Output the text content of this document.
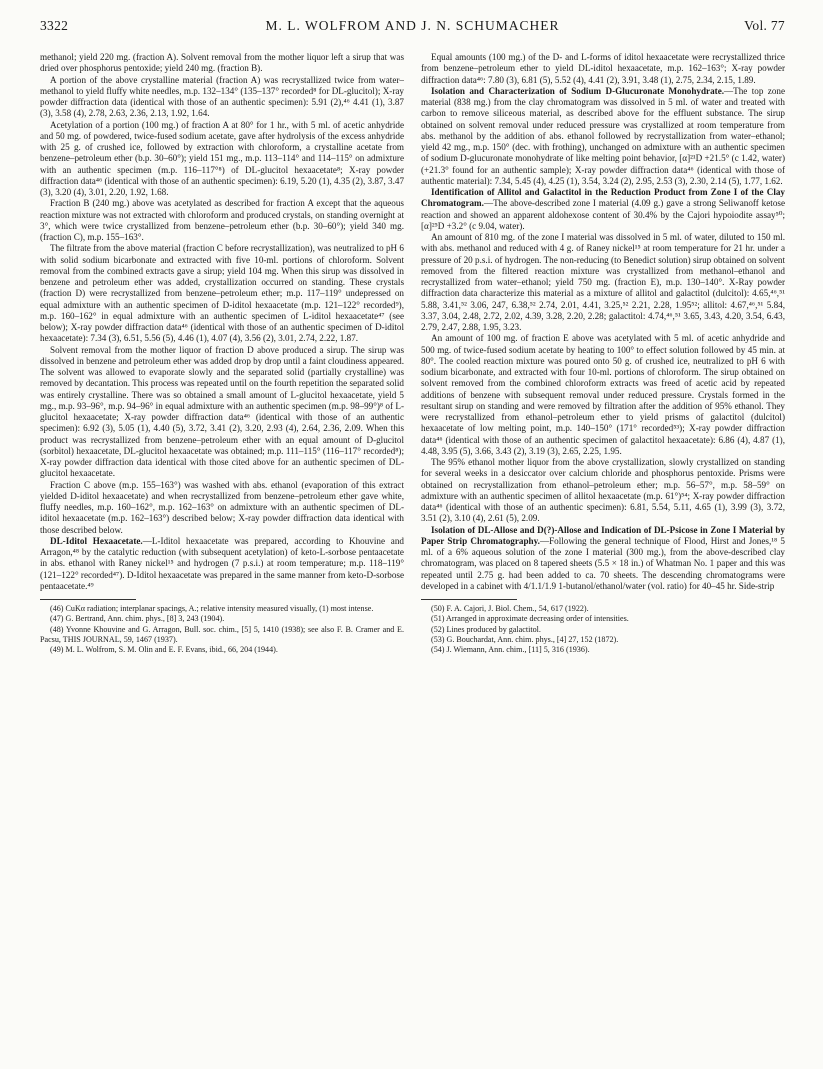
3322	M. L. WOLFROM AND J. N. SCHUMACHER	Vol. 77

methanol; yield 220 mg. (fraction A). Solvent removal from the mother liquor left a sirup that was dried over phosphorus pentoxide; yield 240 mg. (fraction B).

A portion of the above crystalline material (fraction A) was recrystallized twice from water–methanol to yield fluffy white needles, m.p. 132–134° (135–137° recorded⁸ for DL-glucitol); X-ray powder diffraction data (identical with those of an authentic specimen): 5.91 (2),⁴⁶ 4.41 (1), 3.87 (3), 3.58 (4), 2.78, 2.63, 2.36, 2.13, 1.92, 1.64.

Acetylation of a portion (100 mg.) of fraction A at 80° for 1 hr., with 5 ml. of acetic anhydride and 50 mg. of powdered, twice-fused sodium acetate, gave after hydrolysis of the excess anhydride with 25 g. of crushed ice, followed by extraction with chloroform, a crystalline acetate from benzene–petroleum ether (b.p. 30–60°); yield 151 mg., m.p. 113–114° and 114–115° on admixture with an authentic specimen (m.p. 116–117°⁸) of DL-glucitol hexaacetate⁸; X-ray powder diffraction data⁴⁶ (identical with those of an authentic specimen): 6.19, 5.20 (1), 4.35 (2), 3.87, 3.47 (3), 3.20 (4), 3.01, 2.20, 1.92, 1.68.

Fraction B (240 mg.) above was acetylated as described for fraction A except that the aqueous reaction mixture was not extracted with chloroform and produced crystals, on standing overnight at 3°, which were twice crystallized from benzene–petroleum ether (b.p. 30–60°); yield 340 mg. (fraction C), m.p. 155–163°.

The filtrate from the above material (fraction C before recrystallization), was neutralized to pH 6 with solid sodium bicarbonate and extracted with five 10-ml. portions of chloroform. Solvent removal from the combined extracts gave a sirup; yield 104 mg. When this sirup was dissolved in benzene and petroleum ether was added, crystallization occurred on standing. These crystals (fraction D) were recrystallized from benzene–petroleum ether; m.p. 117–119° undepressed on equal admixture with an authentic specimen of D-iditol hexaacetate (m.p. 121–122° recorded⁹), m.p. 160–162° in equal admixture with an authentic specimen of L-iditol hexaacetate⁴⁷ (see below); X-ray powder diffraction data⁴⁶ (identical with those of an authentic specimen of D-iditol hexaacetate): 7.34 (3), 6.51, 5.56 (5), 4.46 (1), 4.07 (4), 3.56 (2), 3.01, 2.74, 2.22, 1.87.

Solvent removal from the mother liquor of fraction D above produced a sirup. The sirup was dissolved in benzene and petroleum ether was added drop by drop until a faint cloudiness appeared. The solvent was allowed to evaporate slowly and the separated solid (partially crystalline) was removed by decantation. This process was repeated until on the fourth repetition the separated solid was entirely crystalline. There was so obtained a small amount of L-glucitol hexaacetate, yield 5 mg., m.p. 93–96°, m.p. 94–96° in equal admixture with an authentic specimen (m.p. 98–99°)⁸ of L-glucitol hexaacetate; X-ray powder diffraction data⁴⁶ (identical with those of an authentic specimen): 6.92 (3), 5.05 (1), 4.40 (5), 3.72, 3.41 (2), 3.20, 2.93 (4), 2.64, 2.36, 2.09. When this product was recrystallized from benzene–petroleum ether with an equal amount of D-glucitol (sorbitol) hexaacetate, DL-glucitol hexaacetate was obtained; m.p. 111–115° (116–117° recorded⁸); X-ray powder diffraction data identical with those cited above for an authentic specimen of DL-glucitol hexaacetate.

Fraction C above (m.p. 155–163°) was washed with abs. ethanol (evaporation of this extract yielded D-iditol hexaacetate) and when recrystallized from benzene–petroleum ether gave white, fluffy needles, m.p. 160–162°, m.p. 162–163° on admixture with an authentic specimen of DL-iditol hexaacetate (m.p. 162–163°) described below; X-ray powder diffraction data identical with those described below.

DL-Iditol Hexaacetate.—L-Iditol hexaacetate was prepared, according to Khouvine and Arragon,⁴⁸ by the catalytic reduction (with subsequent acetylation) of keto-L-sorbose pentaacetate in abs. ethanol with Raney nickel¹⁵ and hydrogen (7 p.s.i.) at room temperature; m.p. 118–119° (121–122° recorded⁴⁷). D-Iditol hexaacetate was prepared in the same manner from keto-D-sorbose pentaacetate.⁴⁹

(46) CuKα radiation; interplanar spacings, A.; relative intensity measured visually, (1) most intense.

(47) G. Bertrand, Ann. chim. phys., [8] 3, 243 (1904).

(48) Yvonne Khouvine and G. Arragon, Bull. soc. chim., [5] 5, 1410 (1938); see also F. B. Cramer and E. Pacsu, THIS JOURNAL, 59, 1467 (1937).

(49) M. L. Wolfrom, S. M. Olin and E. F. Evans, ibid., 66, 204 (1944).

Equal amounts (100 mg.) of the D- and L-forms of iditol hexaacetate were recrystallized thrice from benzene–petroleum ether to yield DL-iditol hexaacetate, m.p. 162–163°; X-ray powder diffraction data⁴⁶: 7.80 (3), 6.81 (5), 5.52 (4), 4.41 (2), 3.91, 3.48 (1), 2.75, 2.34, 2.15, 1.89.

Isolation and Characterization of Sodium D-Glucuronate Monohydrate.—The top zone material (838 mg.) from the clay chromatogram was dissolved in 5 ml. of water and treated with carbon to remove siliceous material, as described above for the effluent substance. The sirup obtained on solvent removal under reduced pressure was crystallized at room temperature from abs. methanol by the addition of abs. ethanol followed by recrystallization from water–ethanol; yield 42 mg., m.p. 150° (dec. with frothing), unchanged on admixture with an authentic specimen of sodium D-glucuronate monohydrate of like melting point behavior, [α]²¹D +21.5° (c 1.42, water) (+21.3° found for an authentic sample); X-ray powder diffraction data⁴⁶ (identical with those of authentic material): 7.34, 5.45 (4), 4.25 (1), 3.54, 3.24 (2), 2.95, 2.53 (3), 2.30, 2.14 (5), 1.77, 1.62.

Identification of Allitol and Galactitol in the Reduction Product from Zone I of the Clay Chromatogram.—The above-described zone I material (4.09 g.) gave a strong Seliwanoff ketose reaction and showed an apparent aldohexose content of 30.4% by the Cajori hypoiodite assay⁵⁰; [α]²⁵D +3.2° (c 9.04, water).

An amount of 810 mg. of the zone I material was dissolved in 5 ml. of water, diluted to 150 ml. with abs. methanol and reduced with 4 g. of Raney nickel¹⁵ at room temperature for 21 hr. under a pressure of 20 p.s.i. of hydrogen. The non-reducing (to Benedict solution) sirup obtained on solvent removed from the filtered reaction mixture was crystallized from methanol–ethanol and recrystallized from water–ethanol; yield 750 mg. (fraction E), m.p. 130–140°. X-Ray powder diffraction data characterize this material as a mixture of allitol and galactitol (dulcitol): 4.65,⁴⁶,⁵¹ 5.88, 3.41,⁵² 3.06, 247, 6.38,⁵² 2.74, 2.01, 4.41, 3.25,⁵² 2.21, 2.28, 1.95⁵²; allitol: 4.67,⁴⁶,⁵¹ 5.84, 3.37, 3.04, 2.48, 2.72, 2.02, 4.39, 3.28, 2.20, 2.28; galactitol: 4.74,⁴⁶,⁵¹ 3.65, 3.43, 4.20, 3.54, 6.43, 2.79, 2.47, 2.88, 1.95, 3.23.

An amount of 100 mg. of fraction E above was acetylated with 5 ml. of acetic anhydride and 500 mg. of twice-fused sodium acetate by heating to 100° to effect solution followed by 45 min. at 80°. The cooled reaction mixture was poured onto 50 g. of crushed ice, neutralized to pH 6 with sodium bicarbonate, and extracted with four 10-ml. portions of chloroform. The sirup obtained on solvent removed from the combined chloroform extracts was freed of acetic acid by repeated additions of benzene with subsequent removal under reduced pressure. Crystals formed in the resultant sirup on standing and were removed by filtration after the addition of 95% ethanol. They were recrystallized from ethanol–petroleum ether to yield prisms of galactitol (dulcitol) hexaacetate of low melting point, m.p. 140–150° (171° recorded⁵³); X-ray powder diffraction data⁴⁶ (identical with those of an authentic specimen of galactitol hexaacetate): 6.86 (4), 4.87 (1), 4.48, 3.95 (5), 3.66, 3.43 (2), 3.19 (3), 2.65, 2.25, 1.95.

The 95% ethanol mother liquor from the above crystallization, slowly crystallized on standing for several weeks in a desiccator over calcium chloride and phosphorus pentoxide. Prisms were obtained on recrystallization from ethanol–petroleum ether; m.p. 56–57°, m.p. 58–59° on admixture with an authentic specimen of allitol hexaacetate (m.p. 61°)⁵⁴; X-ray powder diffraction data⁴⁶ (identical with those of an authentic specimen): 6.81, 5.54, 5.11, 4.65 (1), 3.99 (3), 3.72, 3.51 (2), 3.10 (4), 2.61 (5), 2.09.

Isolation of DL-Allose and D(?)-Allose and Indication of DL-Psicose in Zone I Material by Paper Strip Chromatography.—Following the general technique of Flood, Hirst and Jones,¹⁸ 5 ml. of a 6% aqueous solution of the zone I material (300 mg.), from the above-described clay chromatogram, was placed on 8 tapered sheets (5.5 × 18 in.) of Whatman No. 1 paper and this was repeated until 2.75 g. had been added to ca. 70 sheets. The descending chromatograms were developed in a cabinet with 4/1.1/1.9 1-butanol/ethanol/water (vol. ratio) for 40–45 hr. Side-strip

(50) F. A. Cajori, J. Biol. Chem., 54, 617 (1922).

(51) Arranged in approximate decreasing order of intensities.

(52) Lines produced by galactitol.

(53) G. Bouchardat, Ann. chim. phys., [4] 27, 152 (1872).

(54) J. Wiemann, Ann. chim., [11] 5, 316 (1936).
